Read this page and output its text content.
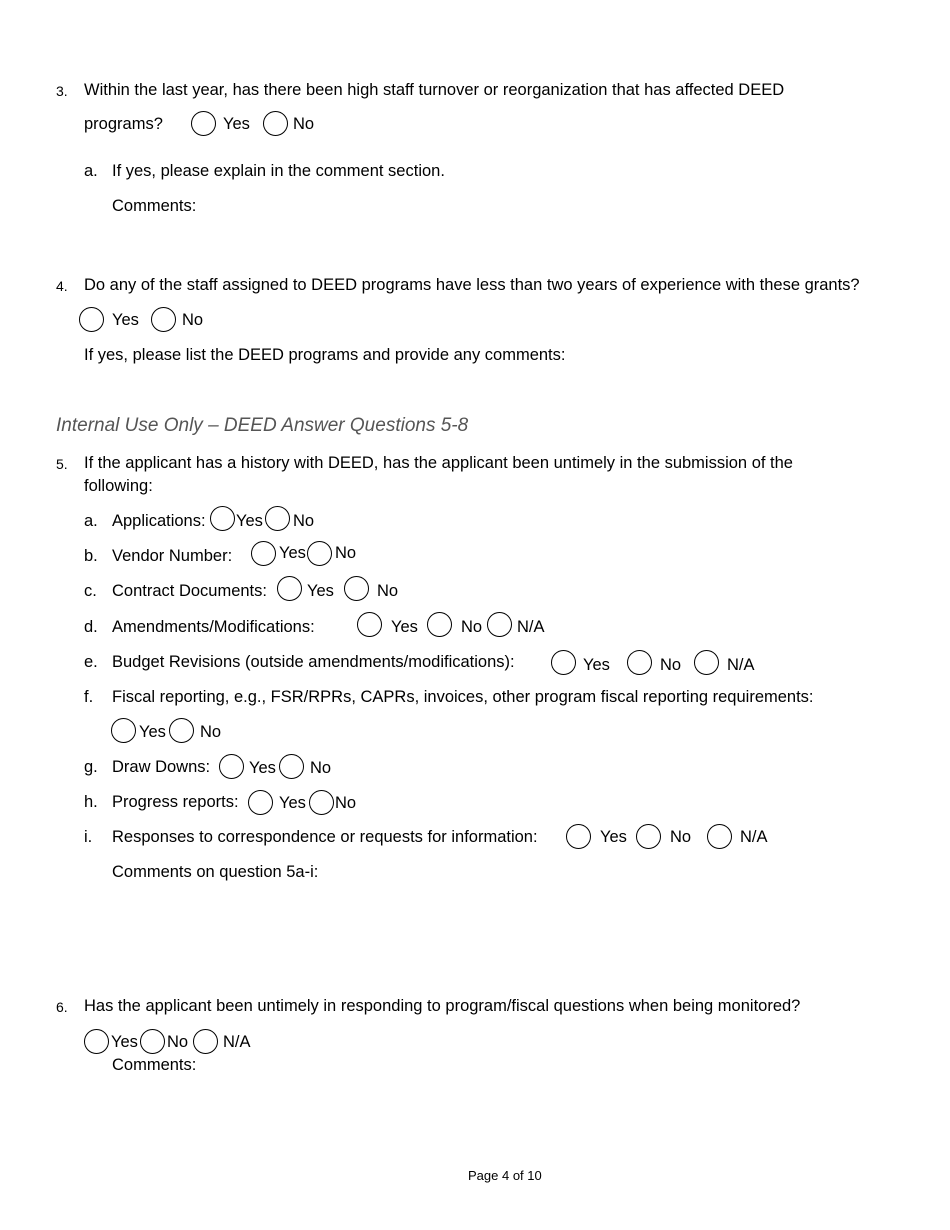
3. Within the last year, has there been high staff turnover or reorganization that has affected DEED
programs?	Yes	No
a. If yes, please explain in the comment section.
Comments:
4. Do any of the staff assigned to DEED programs have less than two years of experience with these grants?
Yes	No
If yes, please list the DEED programs and provide any comments:
Internal Use Only – DEED Answer Questions 5-8
5. If the applicant has a history with DEED, has the applicant been untimely in the submission of the
following:
a. Applications: Yes No
b. Vendor Number:	Yes No
c. Contract Documents: Yes	No
d. Amendments/Modifications:	Yes	No N/A
e. Budget Revisions (outside amendments/modifications):	Yes	No	N/A
f. Fiscal reporting, e.g., FSR/RPRs, CAPRs, invoices, other program fiscal reporting requirements:
Yes No
g. Draw Downs: Yes No
h. Progress reports: Yes No
i. Responses to correspondence or requests for information:	Yes	No	N/A
Comments on question 5a-i:
6. Has the applicant been untimely in responding to program/fiscal questions when being monitored?
Yes No N/A
Comments:
Page 4 of 10
